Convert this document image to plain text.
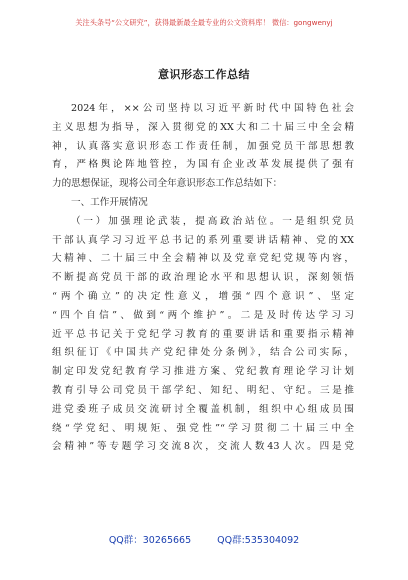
关注头条号“公文研究”，获得最新最全最专业的公文资料库！ 微信：gongwenyj
意识形态工作总结
2024年，××公司坚持以习近平新时代中国特色社会
主义思想为指导，深入贯彻党的XX大和二十届三中全会精
神，认真落实意识形态工作责任制，加强党员干部思想教
育，严格舆论阵地管控，为国有企业改革发展提供了强有
力的思想保证，现将公司全年意识形态工作总结如下：
一、工作开展情况
（一）加强理论武装，提高政治站位。一是组织党员
干部认真学习习近平总书记的系列重要讲话精神、党的XX
大精神、二十届三中全会精神以及党章党纪党规等内容，
不断提高党员干部的政治理论水平和思想认识，深刻领悟
“两个确立”的决定性意义，增强“四个意识”、坚定
“四个自信”、做到“两个维护”。二是及时传达学习习
近平总书记关于党纪学习教育的重要讲话和重要指示精神
组织征订《中国共产党纪律处分条例》，结合公司实际，
制定印发党纪教育学习推进方案、党纪教育理论学习计划
教育引导公司党员干部学纪、知纪、明纪、守纪。三是推
进党委班子成员交流研讨全覆盖机制，组织中心组成员围
绕“学党纪、明规矩、强党性”“学习贯彻二十届三中全
会精神”等专题学习交流8次，交流人数43人次。四是党
QQ群：30265665	QQ群:535304092
